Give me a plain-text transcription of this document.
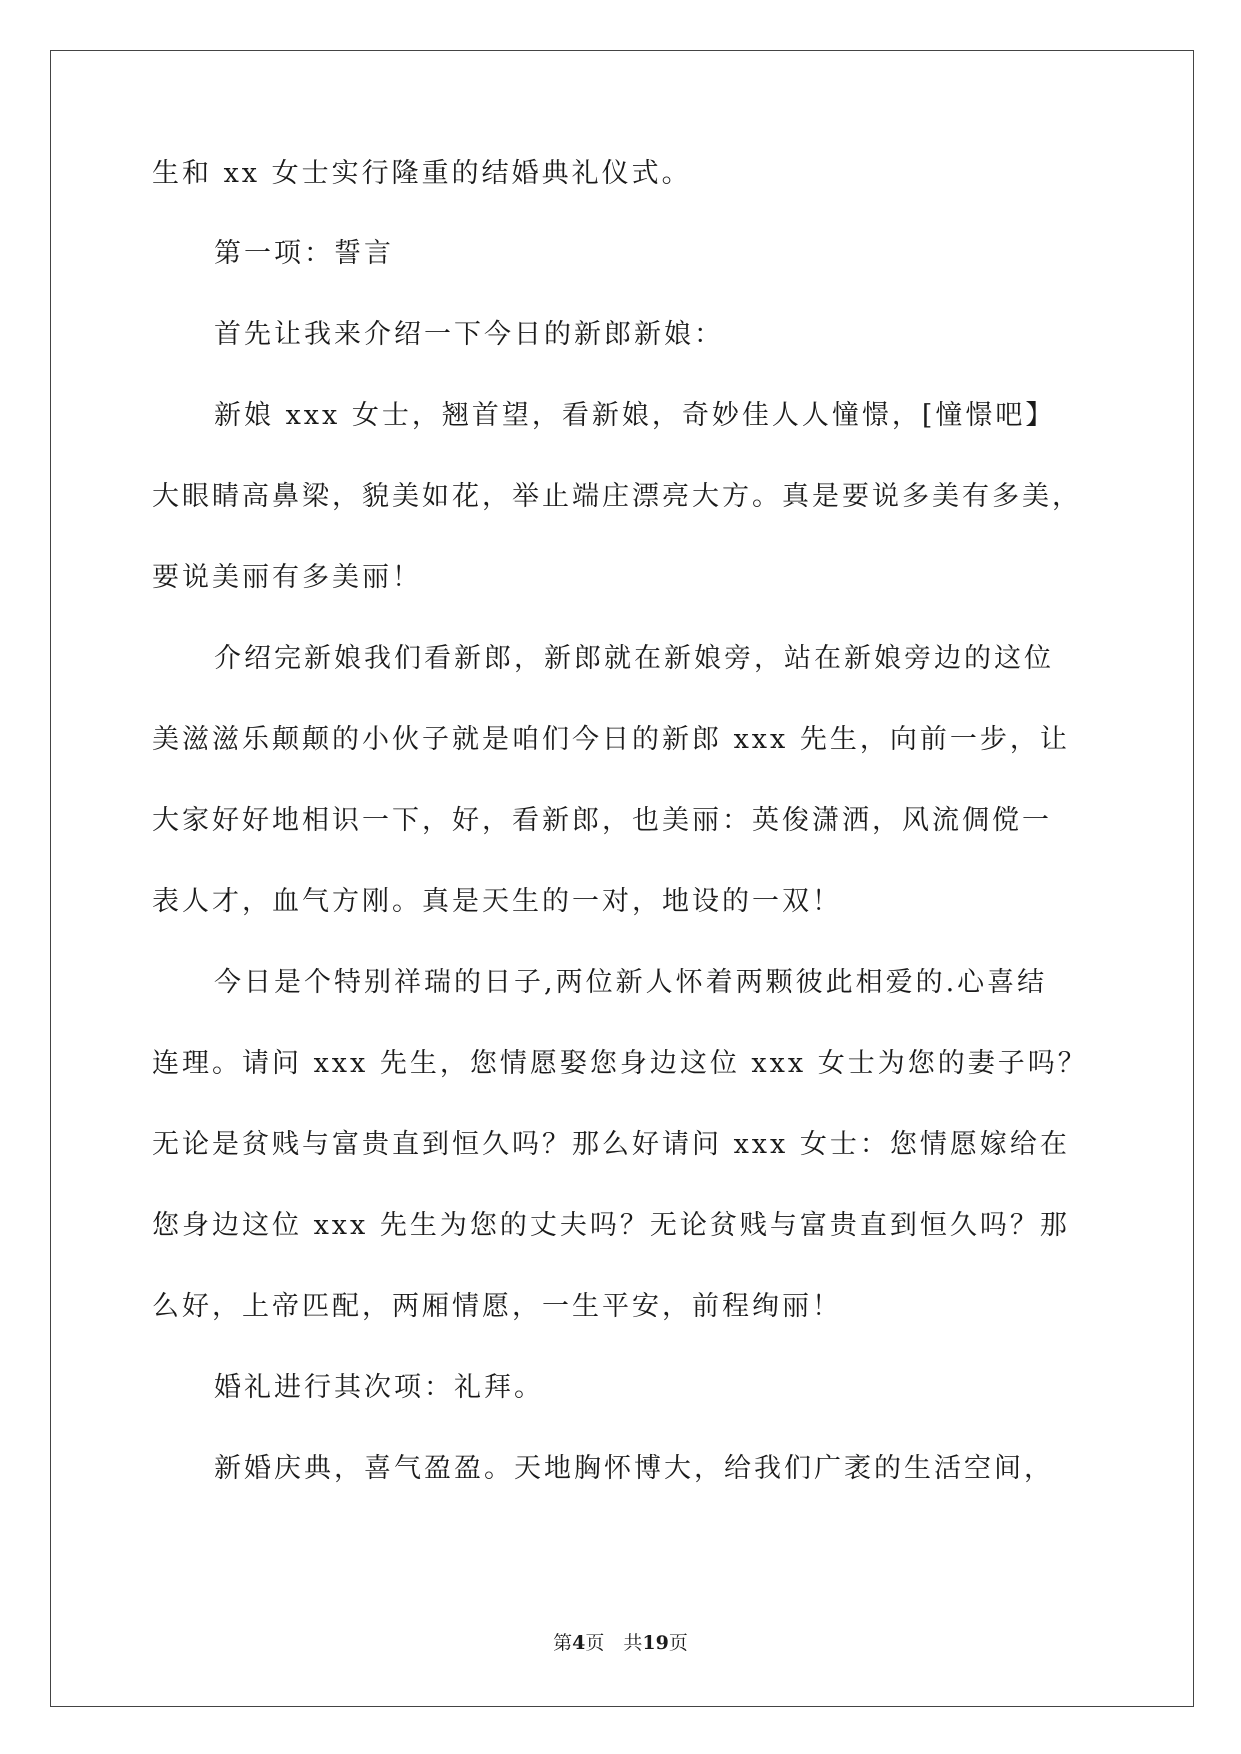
生和 xx 女士实行隆重的结婚典礼仪式。
第一项：誓言
首先让我来介绍一下今日的新郎新娘：
新娘 xxx 女士，翘首望，看新娘，奇妙佳人人憧憬，[憧憬吧】
大眼睛高鼻梁，貌美如花，举止端庄漂亮大方。真是要说多美有多美，
要说美丽有多美丽！
介绍完新娘我们看新郎，新郎就在新娘旁，站在新娘旁边的这位
美滋滋乐颠颠的小伙子就是咱们今日的新郎 xxx 先生，向前一步，让
大家好好地相识一下，好，看新郎，也美丽：英俊潇洒，风流倜傥一
表人才，血气方刚。真是天生的一对，地设的一双！
今日是个特别祥瑞的日子,两位新人怀着两颗彼此相爱的.心喜结
连理。请问 xxx 先生，您情愿娶您身边这位 xxx 女士为您的妻子吗？
无论是贫贱与富贵直到恒久吗？那么好请问 xxx 女士：您情愿嫁给在
您身边这位 xxx 先生为您的丈夫吗？无论贫贱与富贵直到恒久吗？那
么好，上帝匹配，两厢情愿，一生平安，前程绚丽！
婚礼进行其次项：礼拜。
新婚庆典，喜气盈盈。天地胸怀博大，给我们广袤的生活空间，
第4页　共19页
